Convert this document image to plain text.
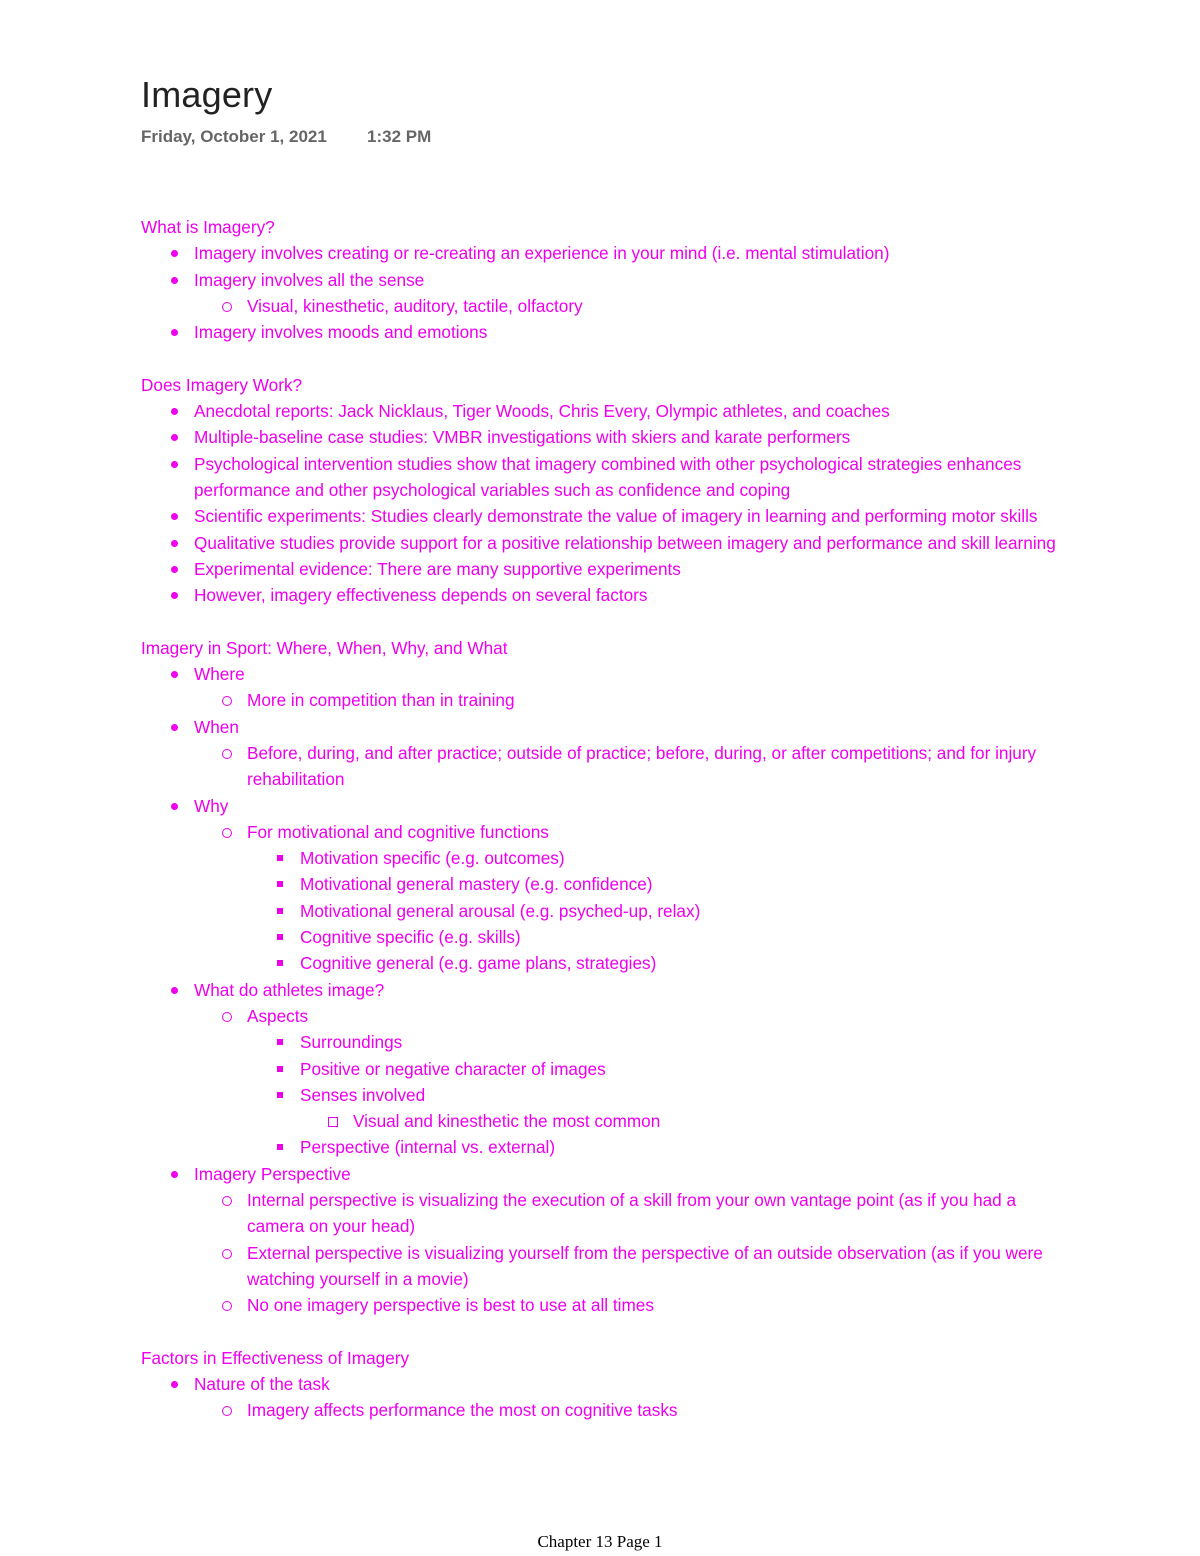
Imagery
Friday, October 1, 2021 1:32 PM
What is Imagery?
Imagery involves creating or re-creating an experience in your mind (i.e. mental stimulation)
Imagery involves all the sense
Visual, kinesthetic, auditory, tactile, olfactory
Imagery involves moods and emotions
Does Imagery Work?
Anecdotal reports: Jack Nicklaus, Tiger Woods, Chris Every, Olympic athletes, and coaches
Multiple-baseline case studies: VMBR investigations with skiers and karate performers
Psychological intervention studies show that imagery combined with other psychological strategies enhances performance and other psychological variables such as confidence and coping
Scientific experiments: Studies clearly demonstrate the value of imagery in learning and performing motor skills
Qualitative studies provide support for a positive relationship between imagery and performance and skill learning
Experimental evidence: There are many supportive experiments
However, imagery effectiveness depends on several factors
Imagery in Sport: Where, When, Why, and What
Where
More in competition than in training
When
Before, during, and after practice; outside of practice; before, during, or after competitions; and for injury rehabilitation
Why
For motivational and cognitive functions
Motivation specific (e.g. outcomes)
Motivational general mastery (e.g. confidence)
Motivational general arousal (e.g. psyched-up, relax)
Cognitive specific (e.g. skills)
Cognitive general (e.g. game plans, strategies)
What do athletes image?
Aspects
Surroundings
Positive or negative character of images
Senses involved
Visual and kinesthetic the most common
Perspective (internal vs. external)
Imagery Perspective
Internal perspective is visualizing the execution of a skill from your own vantage point (as if you had a camera on your head)
External perspective is visualizing yourself from the perspective of an outside observation (as if you were watching yourself in a movie)
No one imagery perspective is best to use at all times
Factors in Effectiveness of Imagery
Nature of the task
Imagery affects performance the most on cognitive tasks
Chapter 13 Page 1
